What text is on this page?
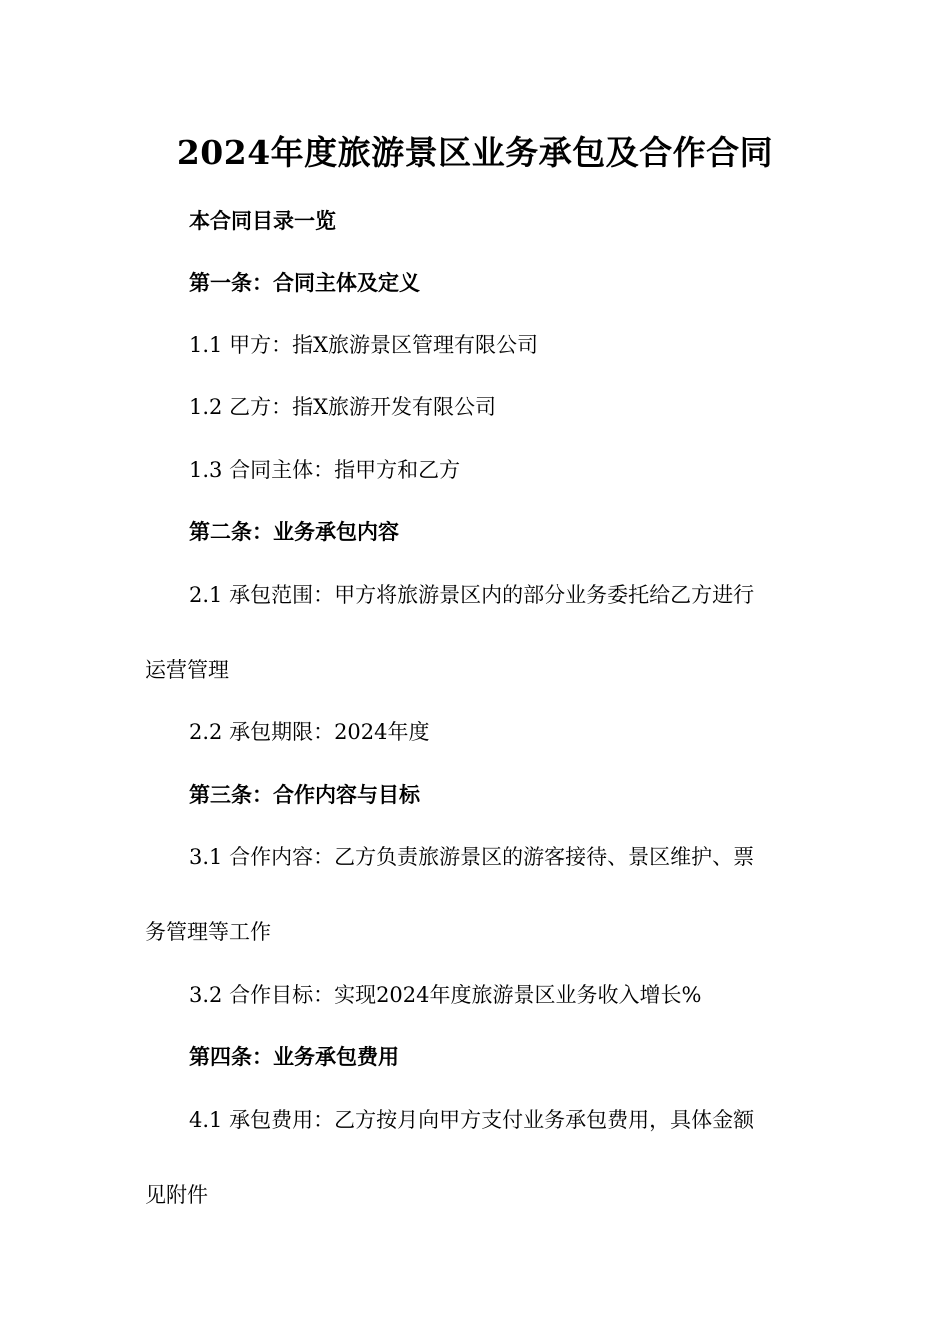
2024年度旅游景区业务承包及合作合同
本合同目录一览
第一条：合同主体及定义
1.1 甲方：指X旅游景区管理有限公司
1.2 乙方：指X旅游开发有限公司
1.3 合同主体：指甲方和乙方
第二条：业务承包内容
2.1 承包范围：甲方将旅游景区内的部分业务委托给乙方进行
运营管理
2.2 承包期限：2024年度
第三条：合作内容与目标
3.1 合作内容：乙方负责旅游景区的游客接待、景区维护、票
务管理等工作
3.2 合作目标：实现2024年度旅游景区业务收入增长%
第四条：业务承包费用
4.1 承包费用：乙方按月向甲方支付业务承包费用，具体金额
见附件
